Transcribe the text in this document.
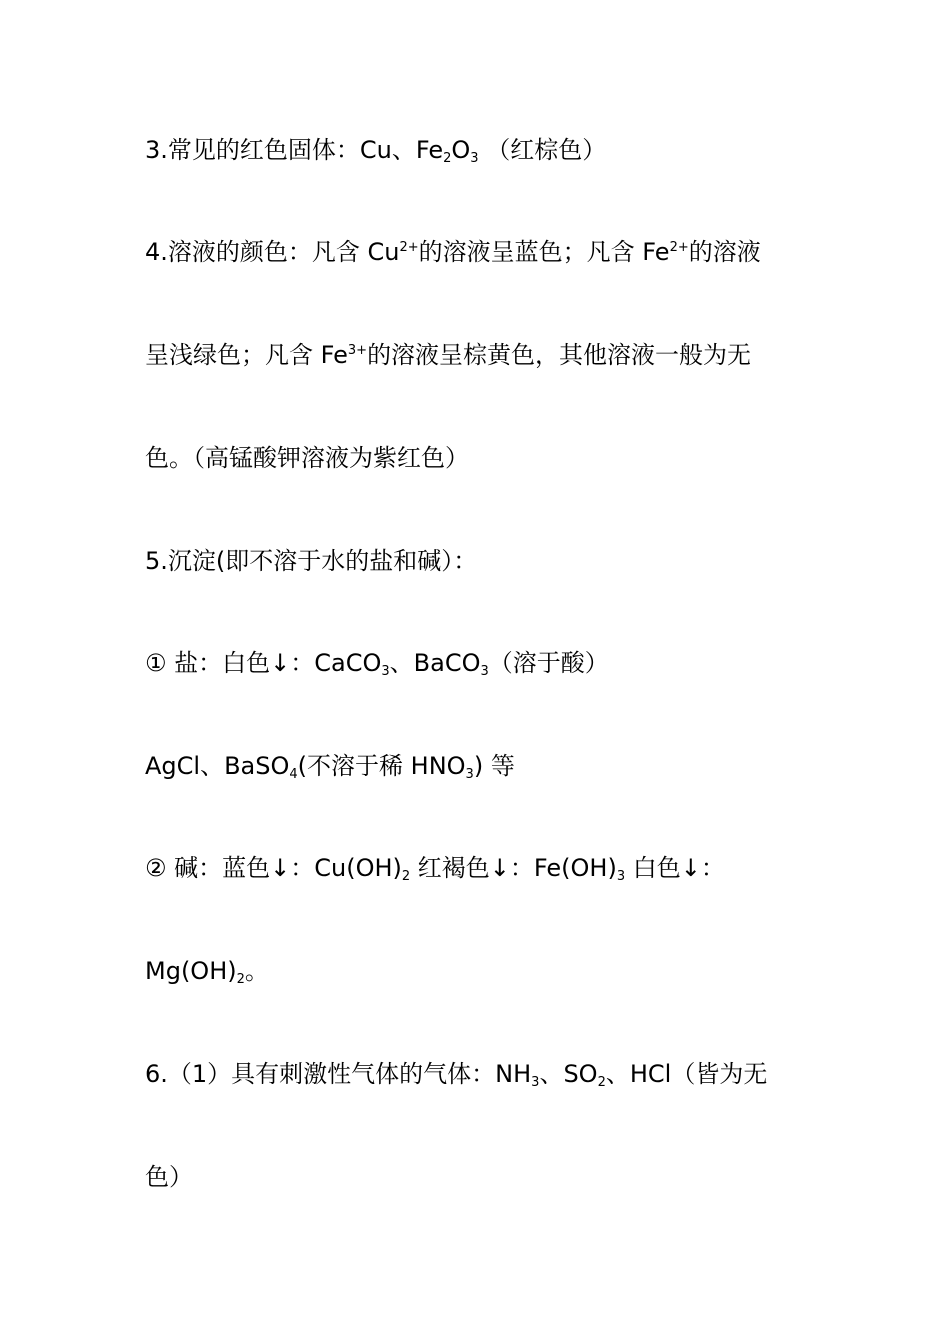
3.常见的红色固体：Cu、$Fe_2O_3$ （红棕色）
4.溶液的颜色：凡含 $Cu^{2+}$的溶液呈蓝色；凡含 $Fe^{2+}$的溶液
呈浅绿色；凡含 $Fe^{3+}$的溶液呈棕黄色，其他溶液一般为无
色。（高锰酸钾溶液为紫红色）
5.沉淀(即不溶于水的盐和碱）：
① 盐：白色↓：CaCO$_3$、BaCO$_3$（溶于酸）
AgCl、BaSO$_4$(不溶于稀 $HNO_3$) 等
② 碱：蓝色↓：$Cu(OH)_2$ 红褐色↓：$Fe(OH)_3$ 白色↓：
$Mg(OH)_2$。
6.（1）具有刺激性气体的气体：$NH_3$、$SO_2$、HCl（皆为无
色）
